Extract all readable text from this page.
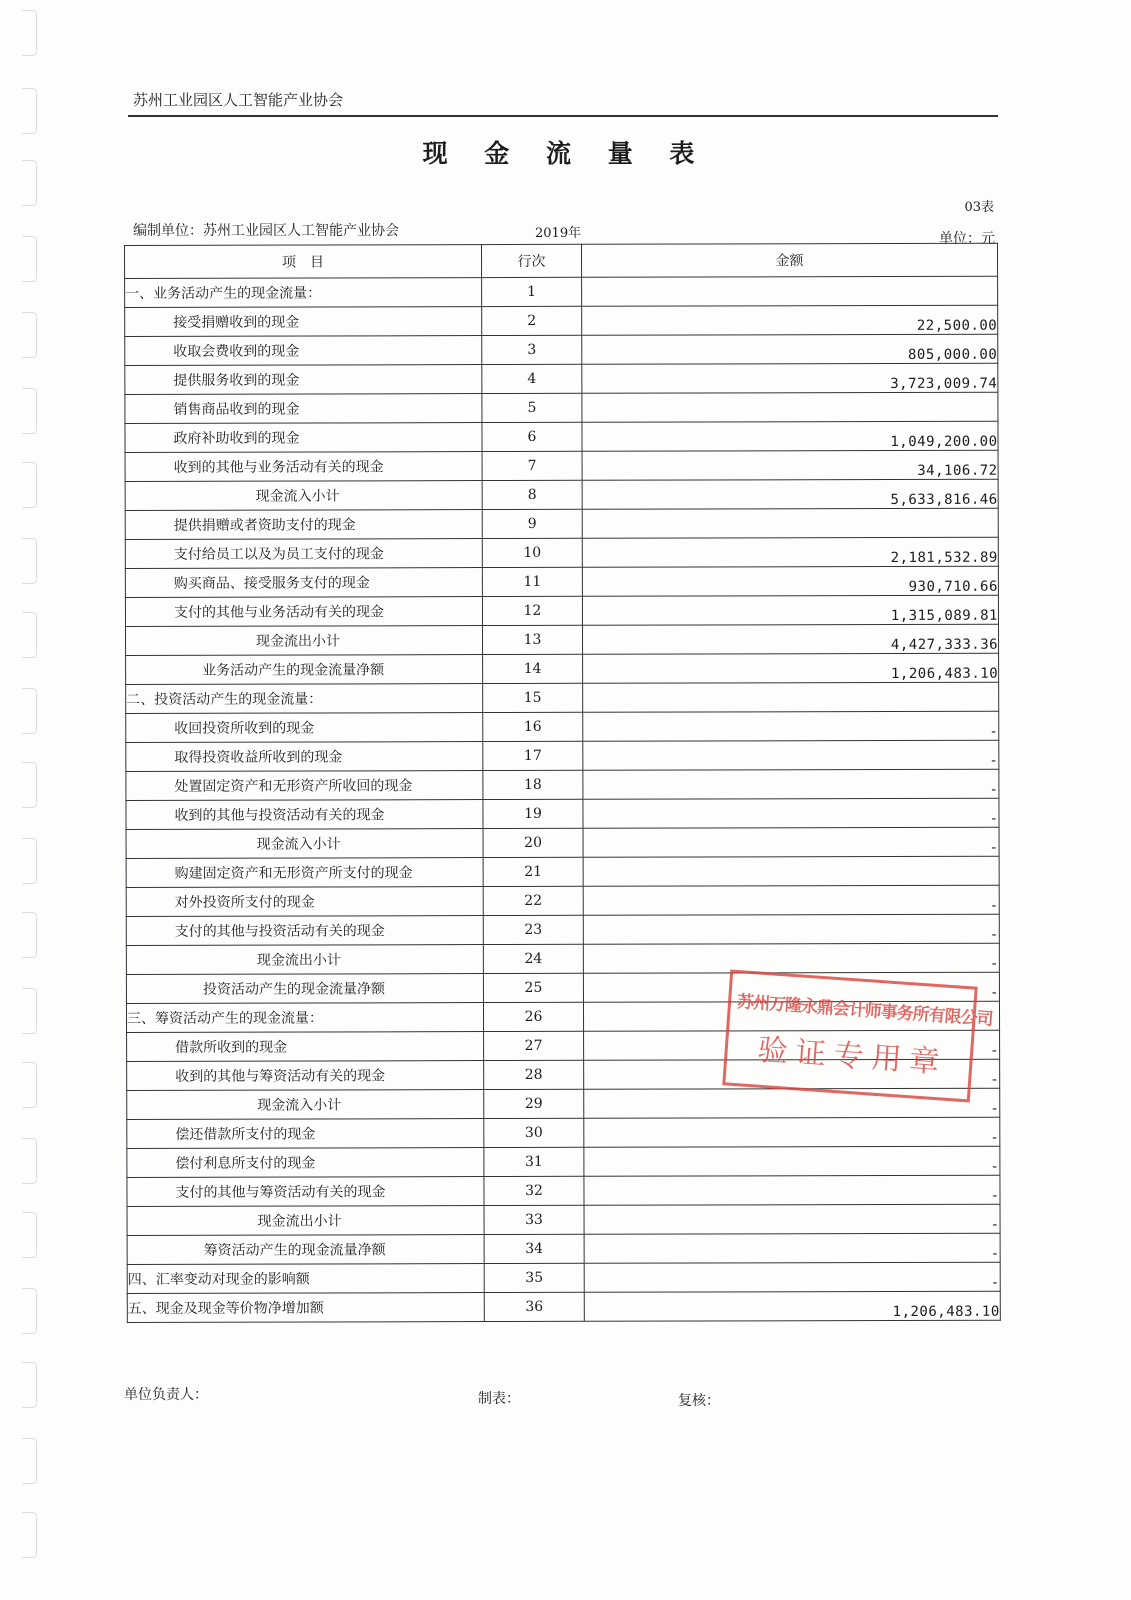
苏州工业园区人工智能产业协会
现 金 流 量 表
03表
编制单位：苏州工业园区人工智能产业协会	2019年	单位：元
项　目	行次	金额
一、业务活动产生的现金流量：	1	
接受捐赠收到的现金	2	22,500.00
收取会费收到的现金	3	805,000.00
提供服务收到的现金	4	3,723,009.74
销售商品收到的现金	5	
政府补助收到的现金	6	1,049,200.00
收到的其他与业务活动有关的现金	7	34,106.72
现金流入小计	8	5,633,816.46
提供捐赠或者资助支付的现金	9	
支付给员工以及为员工支付的现金	10	2,181,532.89
购买商品、接受服务支付的现金	11	930,710.66
支付的其他与业务活动有关的现金	12	1,315,089.81
现金流出小计	13	4,427,333.36
业务活动产生的现金流量净额	14	1,206,483.10
二、投资活动产生的现金流量：	15	
收回投资所收到的现金	16	-
取得投资收益所收到的现金	17	-
处置固定资产和无形资产所收回的现金	18	-
收到的其他与投资活动有关的现金	19	-
现金流入小计	20	-
购建固定资产和无形资产所支付的现金	21	
对外投资所支付的现金	22	-
支付的其他与投资活动有关的现金	23	-
现金流出小计	24	-
投资活动产生的现金流量净额	25	-
三、筹资活动产生的现金流量：	26	
借款所收到的现金	27	-
收到的其他与筹资活动有关的现金	28	-
现金流入小计	29	-
偿还借款所支付的现金	30	-
偿付利息所支付的现金	31	-
支付的其他与筹资活动有关的现金	32	-
现金流出小计	33	-
筹资活动产生的现金流量净额	34	-
四、汇率变动对现金的影响额	35	-
五、现金及现金等价物净增加额	36	1,206,483.10
单位负责人：	制表：	复核：
苏州万隆永鼎会计师事务所有限公司
验证专用章
